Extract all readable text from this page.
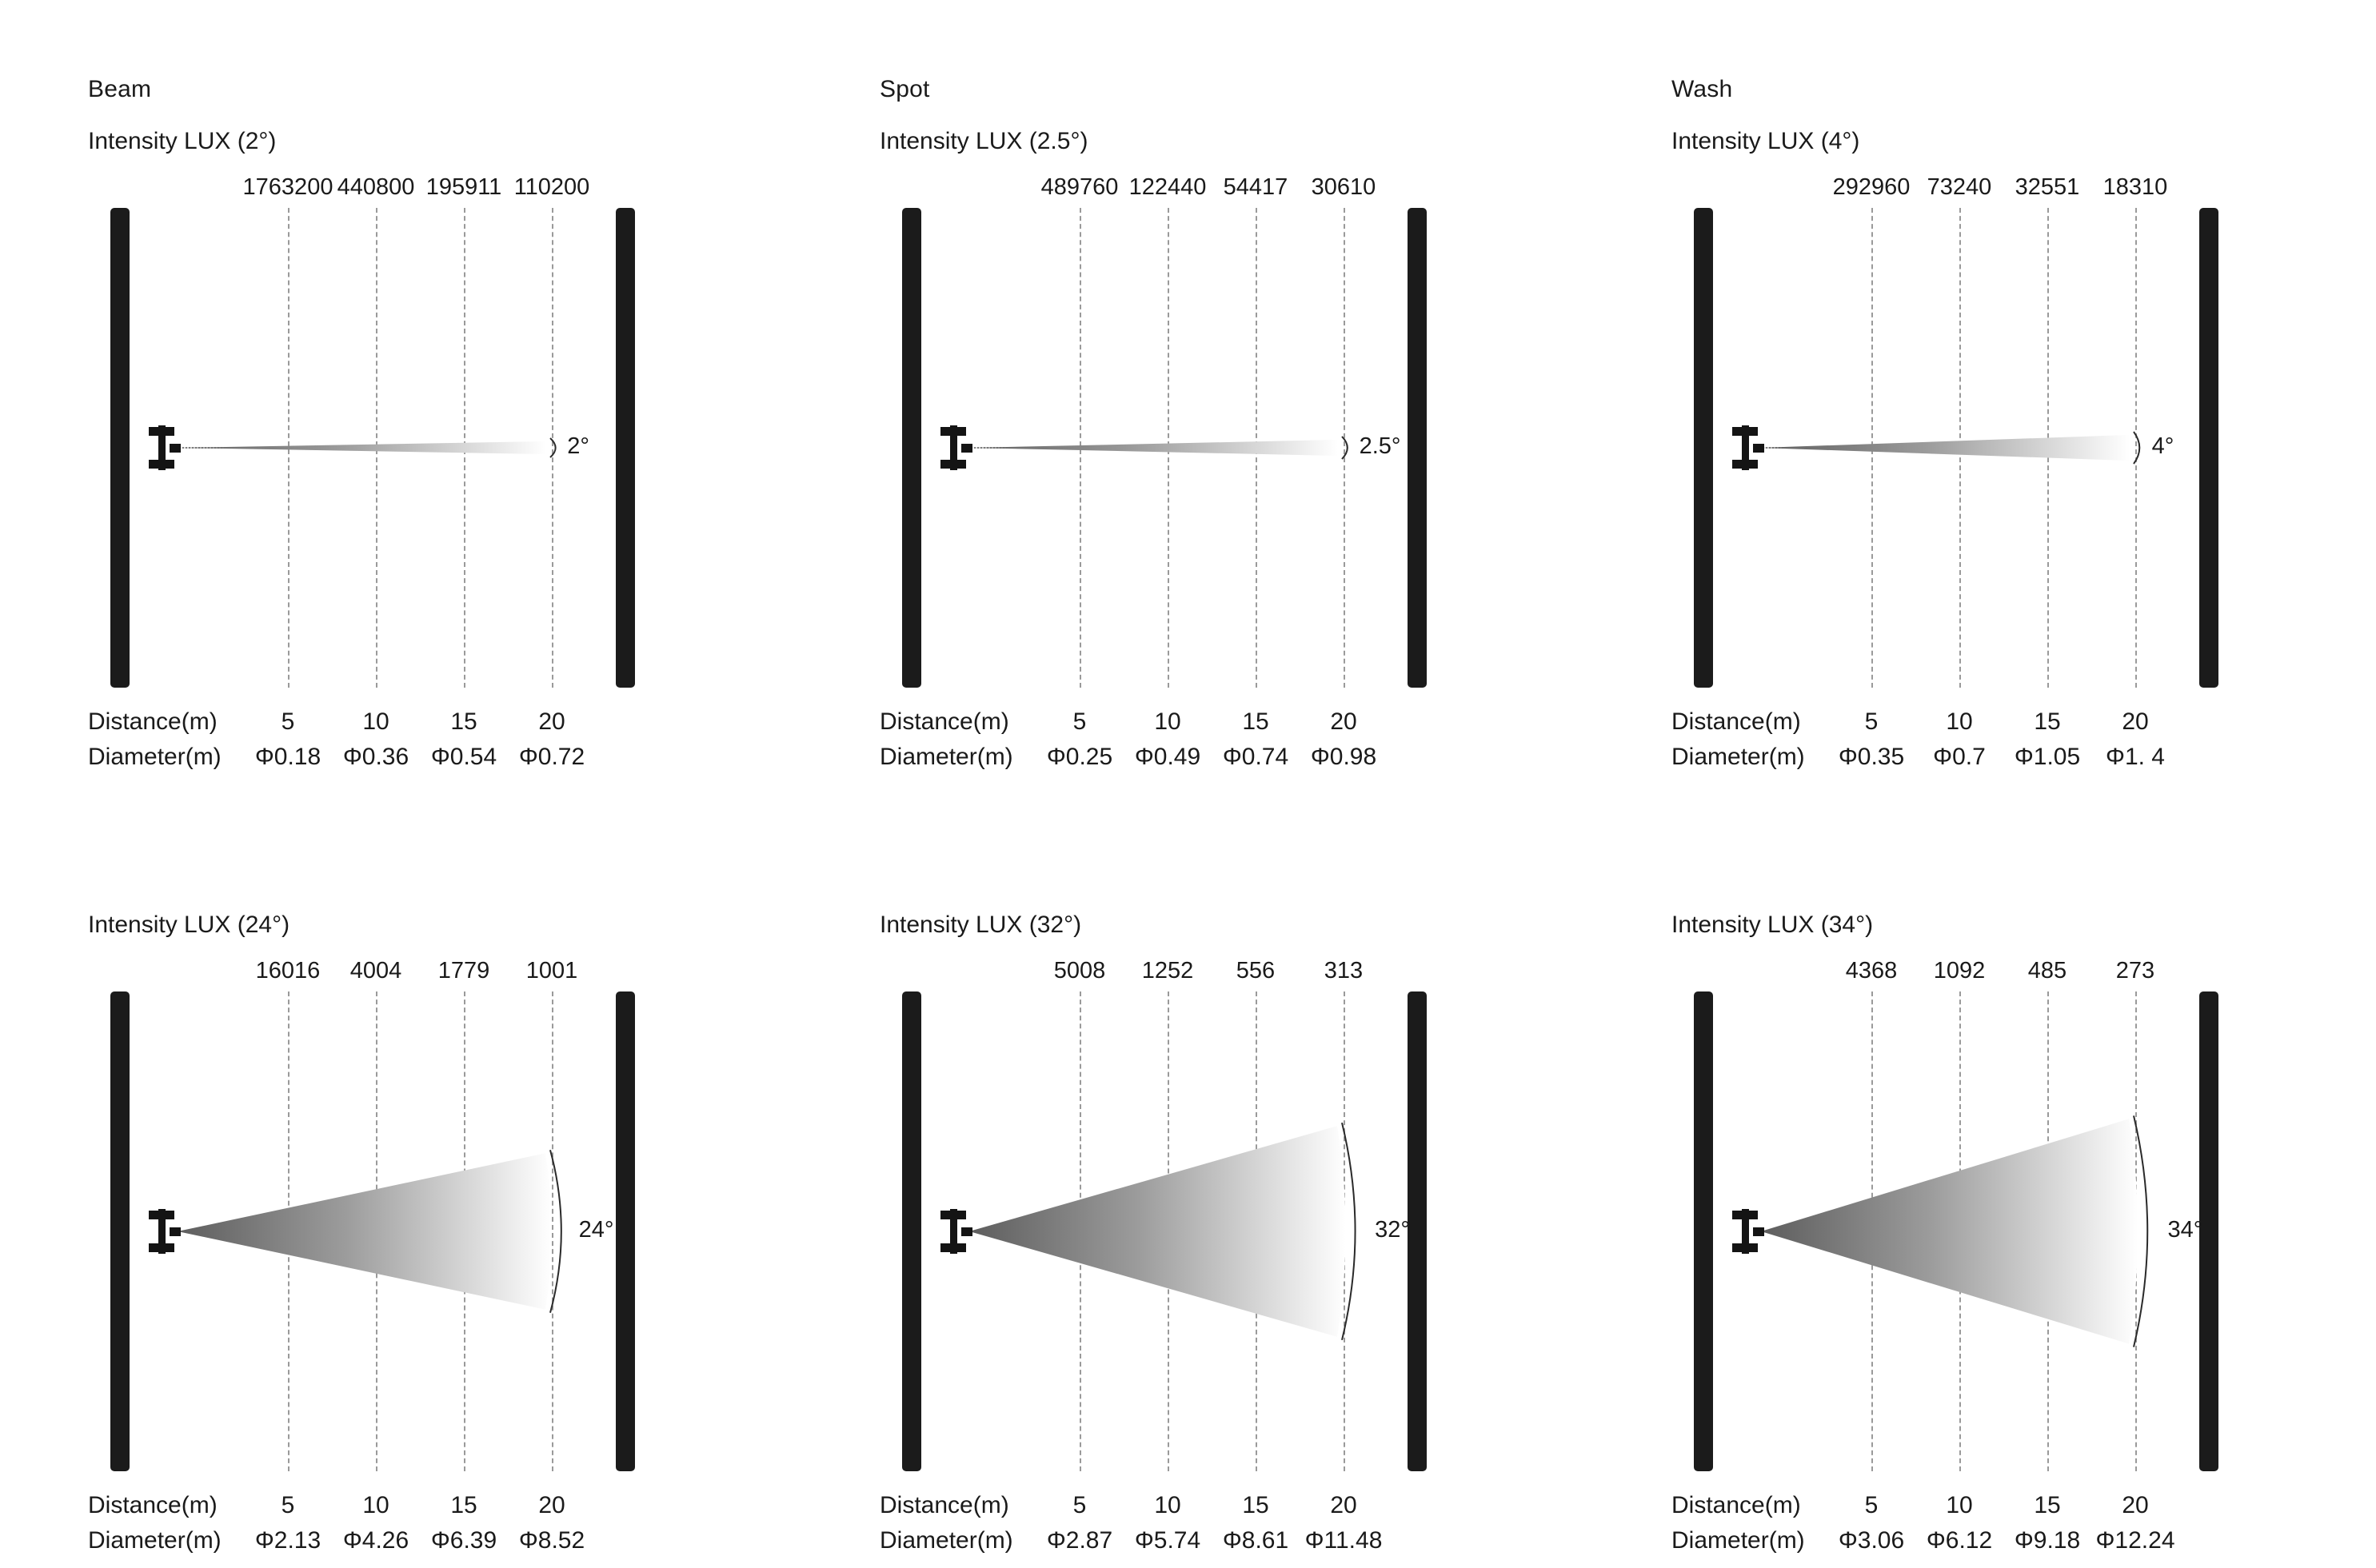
Beam
Intensity LUX (2°)
1763200 440800 195911 110200
2°
Distance(m)	5	10	15	20
Diameter(m) Φ0.18 Φ0.36 Φ0.54 Φ0.72
Spot
Intensity LUX (2.5°)
489760 122440 54417 30610
2.5°
Distance(m)	5	10	15	20
Diameter(m) Φ0.25 Φ0.49 Φ0.74 Φ0.98
Wash
Intensity LUX (4°)
292960 73240 32551 18310
4°
Distance(m)	5	10	15	20
Diameter(m) Φ0.35 Φ0.7 Φ1.05 Φ1. 4
Intensity LUX (24°)
16016 4004 1779 1001
24°
Distance(m)	5	10	15	20
Diameter(m) Φ2.13 Φ4.26 Φ6.39 Φ8.52
Intensity LUX (32°)
5008 1252 556 313
32°
Distance(m)	5	10	15	20
Diameter(m) Φ2.87 Φ5.74 Φ8.61 Φ11.48
Intensity LUX (34°)
4368 1092 485 273
34°
Distance(m)	5	10	15	20
Diameter(m) Φ3.06 Φ6.12 Φ9.18 Φ12.24
